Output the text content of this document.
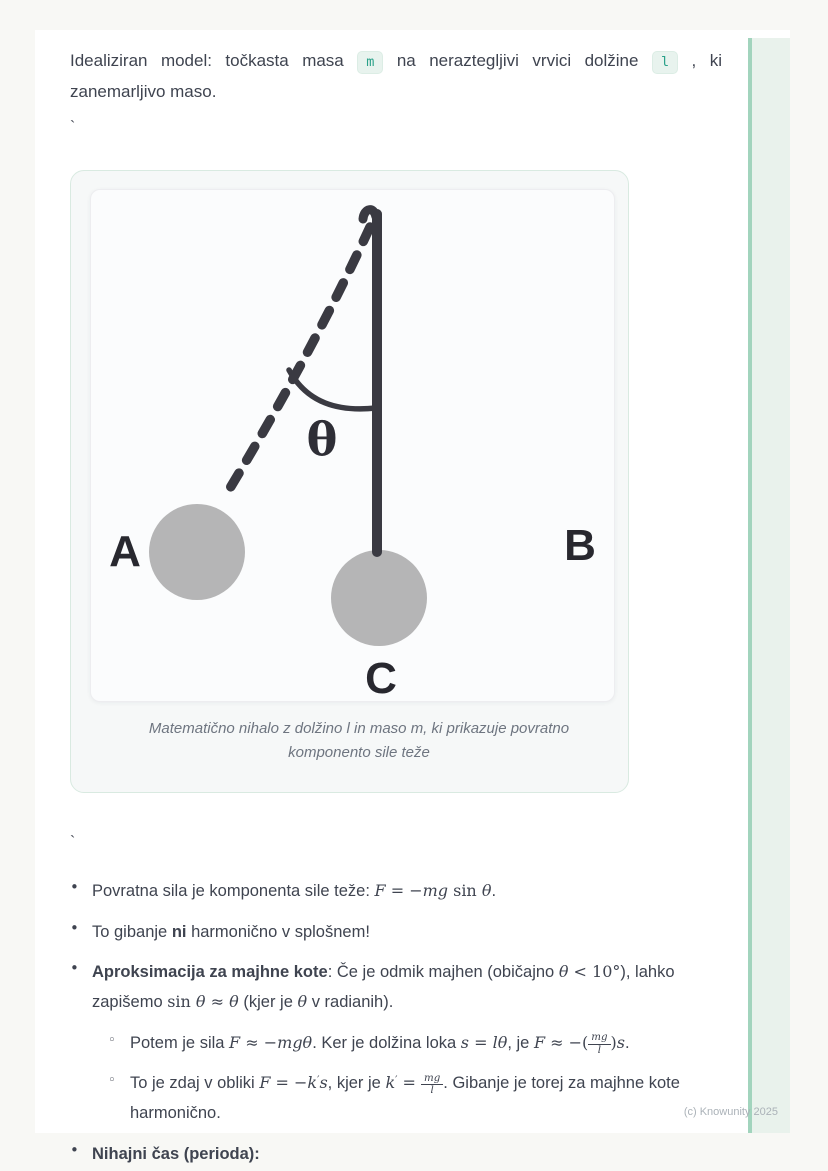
Idealiziran model: točkasta masa m na neraztegljivi vrvici dolžine l , ki zanemarljivo maso.

`
θ
A	B
C
Matematično nihalo z dolžino l in maso m, ki prikazuje povratno komponento sile teže
`
•
Povratna sila je komponenta sile teže: F = −mg sin θ.
•
To gibanje ni harmonično v splošnem!
•
Aproksimacija za majhne kote: Če je odmik majhen (običajno θ < 10°), lahko zapišemo sin θ ≈ θ (kjer je θ v radianih).
◦
Potem je sila F ≈ −mgθ. Ker je dolžina loka s = lθ, je F ≈ −( $\frac{mg}{l} )s$.
◦
To je zdaj v obliki F = −k′s, kjer je $k' = \frac{mg}{l}$ . Gibanje je torej za majhne kote harmonično.
•
Nihajni čas (perioda):
(c) Knowunity 2025
